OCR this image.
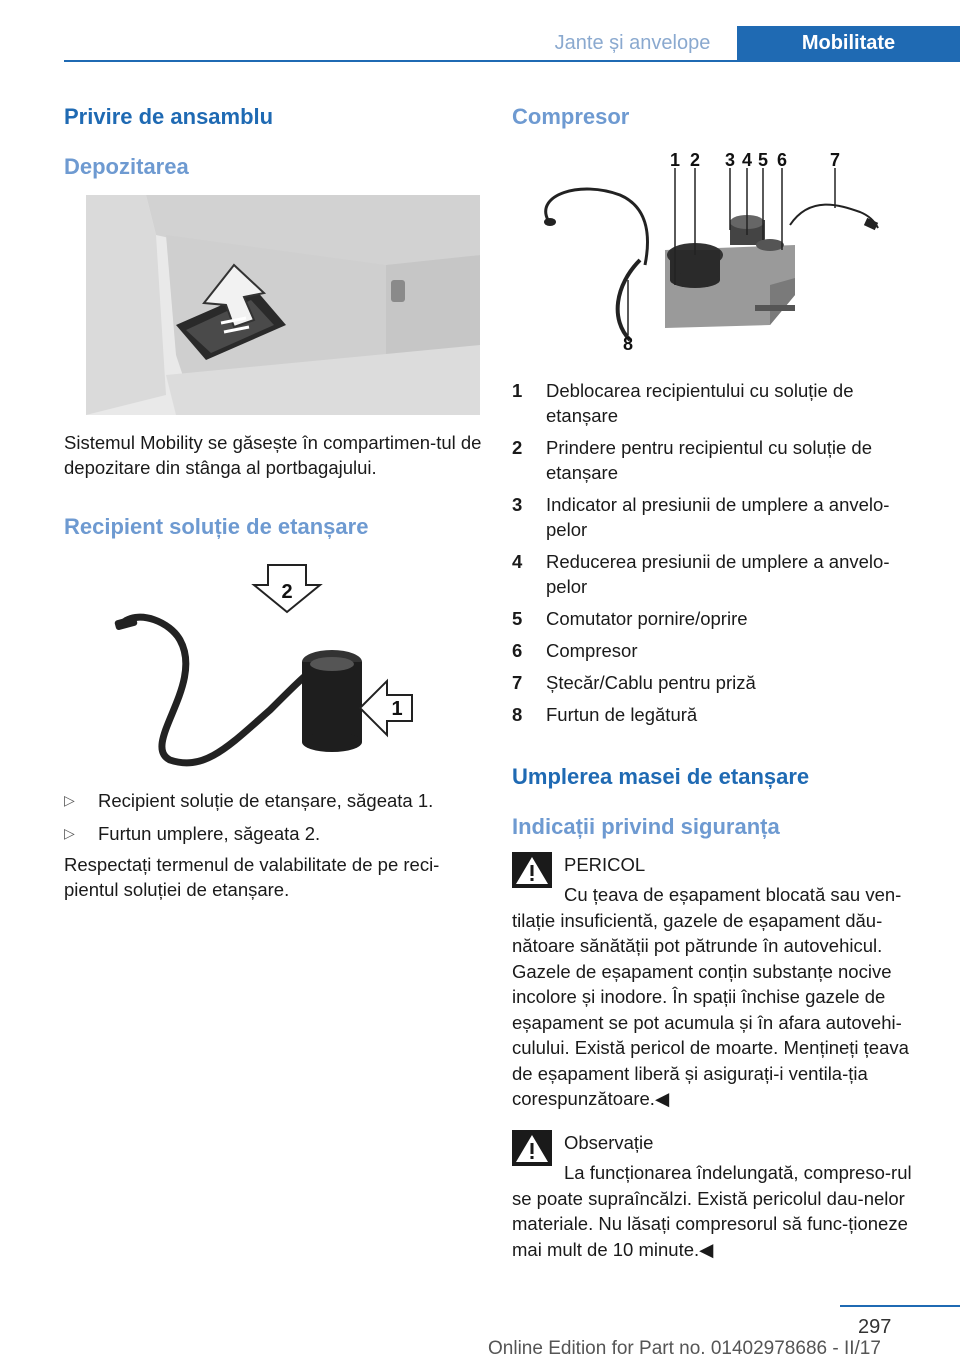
Jante și anvelope	Mobilitate
Privire de ansamblu
Depozitarea

Sistemul Mobility se găsește în compartimen-tul de depozitare din stânga al portbagajului.

Recipient soluție de etanșare
2
1
▷	Recipient soluție de etanșare, săgeata 1.
▷	Furtun umplere, săgeata 2.

Respectați termenul de valabilitate de pe reci-pientul soluției de etanșare.

Compresor
1 2 3 4 5 6 7
8
1	Deblocarea recipientului cu soluție de etanșare
2	Prindere pentru recipientul cu soluție de etanșare
3	Indicator al presiunii de umplere a anvelo-pelor
4	Reducerea presiunii de umplere a anvelo-pelor
5	Comutator pornire/oprire
6	Compresor
7	Ștecăr/Cablu pentru priză
8	Furtun de legătură
Umplerea masei de etanșare
Indicații privind siguranța

PERICOL

Cu țeava de eșapament blocată sau ven-tilație insuficientă, gazele de eșapament dău-nătoare sănătății pot pătrunde în autovehicul. Gazele de eșapament conțin substanțe nocive incolore și inodore. În spații închise gazele de eșapament se pot acumula și în afara autovehi-culului. Există pericol de moarte. Mențineți țeava de eșapament liberă și asigurați-i ventila-ția corespunzătoare.◀

Observație

La funcționarea îndelungată, compreso-rul se poate supraîncălzi. Există pericolul dau-nelor materiale. Nu lăsați compresorul să func-ționeze mai mult de 10 minute.◀

297
Online Edition for Part no. 01402978686 - II/17
